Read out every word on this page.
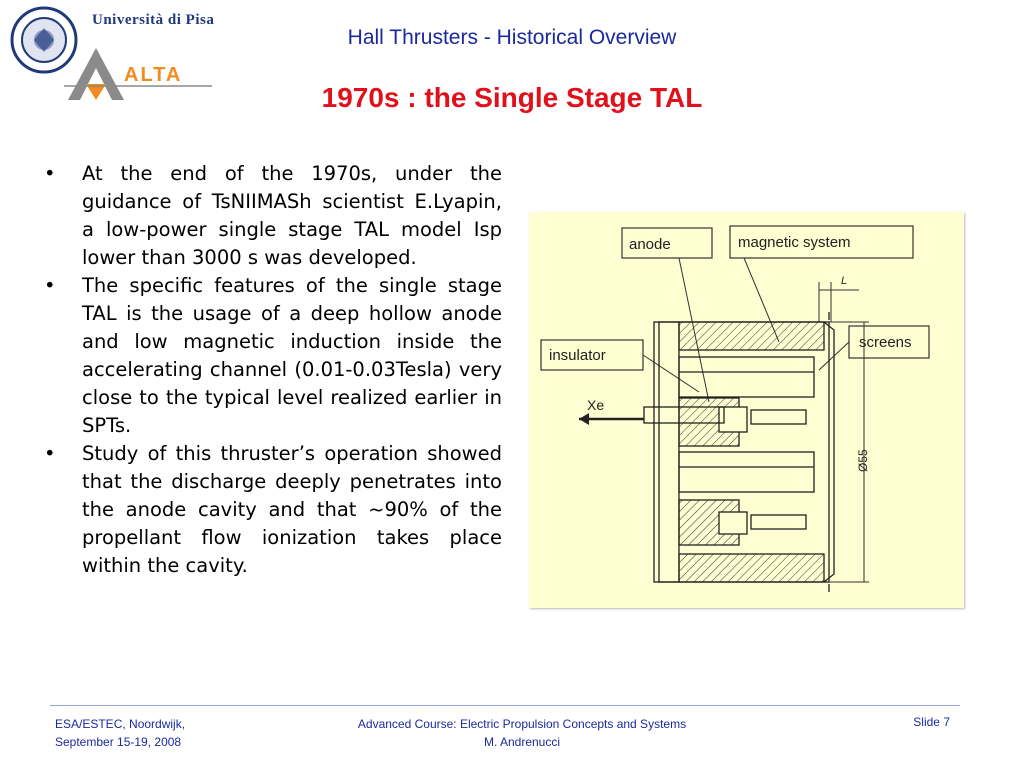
Università di Pisa
ALTA
Hall Thrusters - Historical Overview
1970s : the Single Stage TAL
• At the end of the 1970s, under the guidance of TsNIIMASh scientist E.Lyapin, a low-power single stage TAL model Isp lower than 3000 s was developed.
• The specific features of the single stage TAL is the usage of a deep hollow anode and low magnetic induction inside the accelerating channel (0.01-0.03Tesla) very close to the typical level realized earlier in SPTs.
• Study of this thruster’s operation showed that the discharge deeply penetrates into the anode cavity and that ~90% of the propellant flow ionization takes place within the cavity.
anode	magnetic system
screens
insulator
Xe
L
Ø55
ESA/ESTEC, Noordwijk,
September 15-19, 2008
Advanced Course: Electric Propulsion Concepts and Systems
M. Andrenucci
Slide 7
